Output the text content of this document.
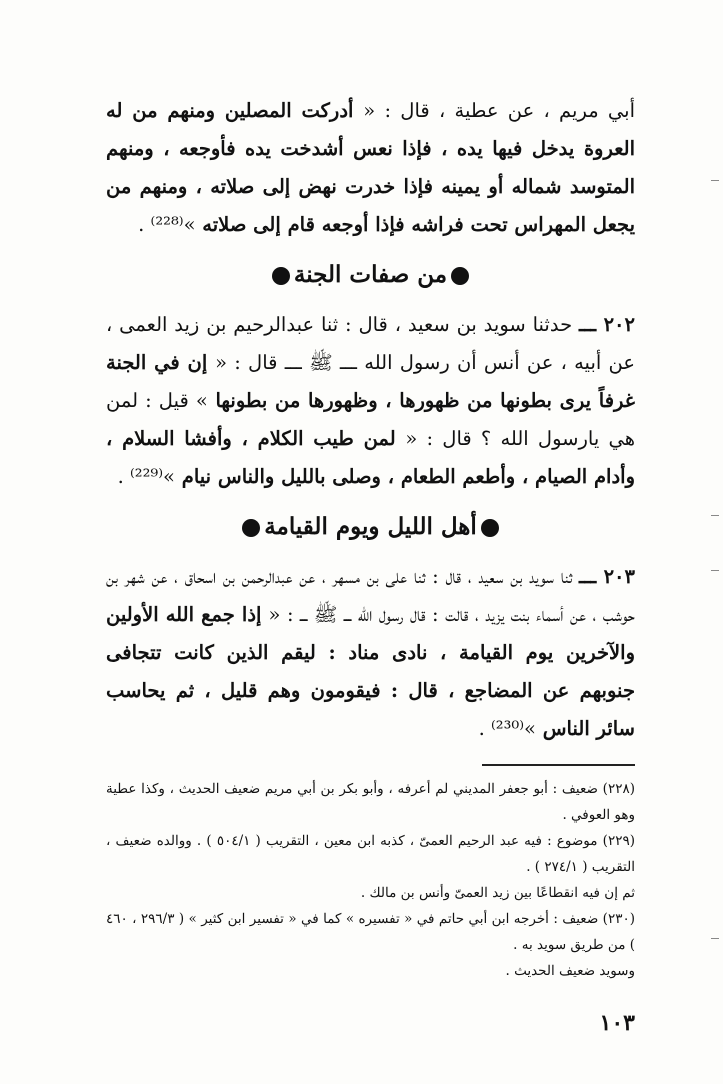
أبي مريم ، عن عطية ، قال : « أدركت المصلين ومنهم من له العروة يدخل فيها يده ، فإذا نعس أشدخت يده فأوجعه ، ومنهم المتوسد شماله أو يمينه فإذا خدرت نهض إلى صلاته ، ومنهم من يجعل المهراس تحت فراشه فإذا أوجعه قام إلى صلاته »⁽²²⁸⁾ .

من صفات الجنة

٢٠٢ ـــ حدثنا سويد بن سعيد ، قال : ثنا عبدالرحيم بن زيد العمى ، عن أبيه ، عن أنس أن رسول الله ـــ ﷺ ـــ قال : « إن في الجنة غرفاً يرى بطونها من ظهورها ، وظهورها من بطونها » قيل : لمن هي يارسول الله ؟ قال : « لمن طيب الكلام ، وأفشا السلام ، وأدام الصيام ، وأطعم الطعام ، وصلى بالليل والناس نيام »⁽²²⁹⁾ .

أهل الليل ويوم القيامة

٢٠٣ ـــ ثنا سويد بن سعيد ، قال : ثنا على بن مسهر ، عن عبدالرحمن بن اسحاق ، عن شهر بن حوشب ، عن أسماء بنت يزيد ، قالت : قال رسول الله ـــ ﷺ ـــ : « إذا جمع الله الأولين والآخرين يوم القيامة ، نادى مناد : ليقم الذين كانت تتجافى جنوبهم عن المضاجع ، قال : فيقومون وهم قليل ، ثم يحاسب سائر الناس »⁽²³⁰⁾ .

(٢٢٨) ضعيف : أبو جعفر المديني لم أعرفه ، وأبو بكر بن أبي مريم ضعيف الحديث ، وكذا عطية وهو العوفي .

(٢٢٩) موضوع : فيه عبد الرحيم العمىّ ، كذبه ابن معين ، التقريب ( ٥٠٤/١ ) . ووالده ضعيف ، التقريب ( ٢٧٤/١ ) .

ثم إن فيه انقطاعًا بين زيد العمىّ وأنس بن مالك .

(٢٣٠) ضعيف : أخرجه ابن أبي حاتم في « تفسيره » كما في « تفسير ابن كثير » ( ٢٩٦/٣ ، ٤٦٠ ) من طريق سويد به .

وسويد ضعيف الحديث .

١٠٣
